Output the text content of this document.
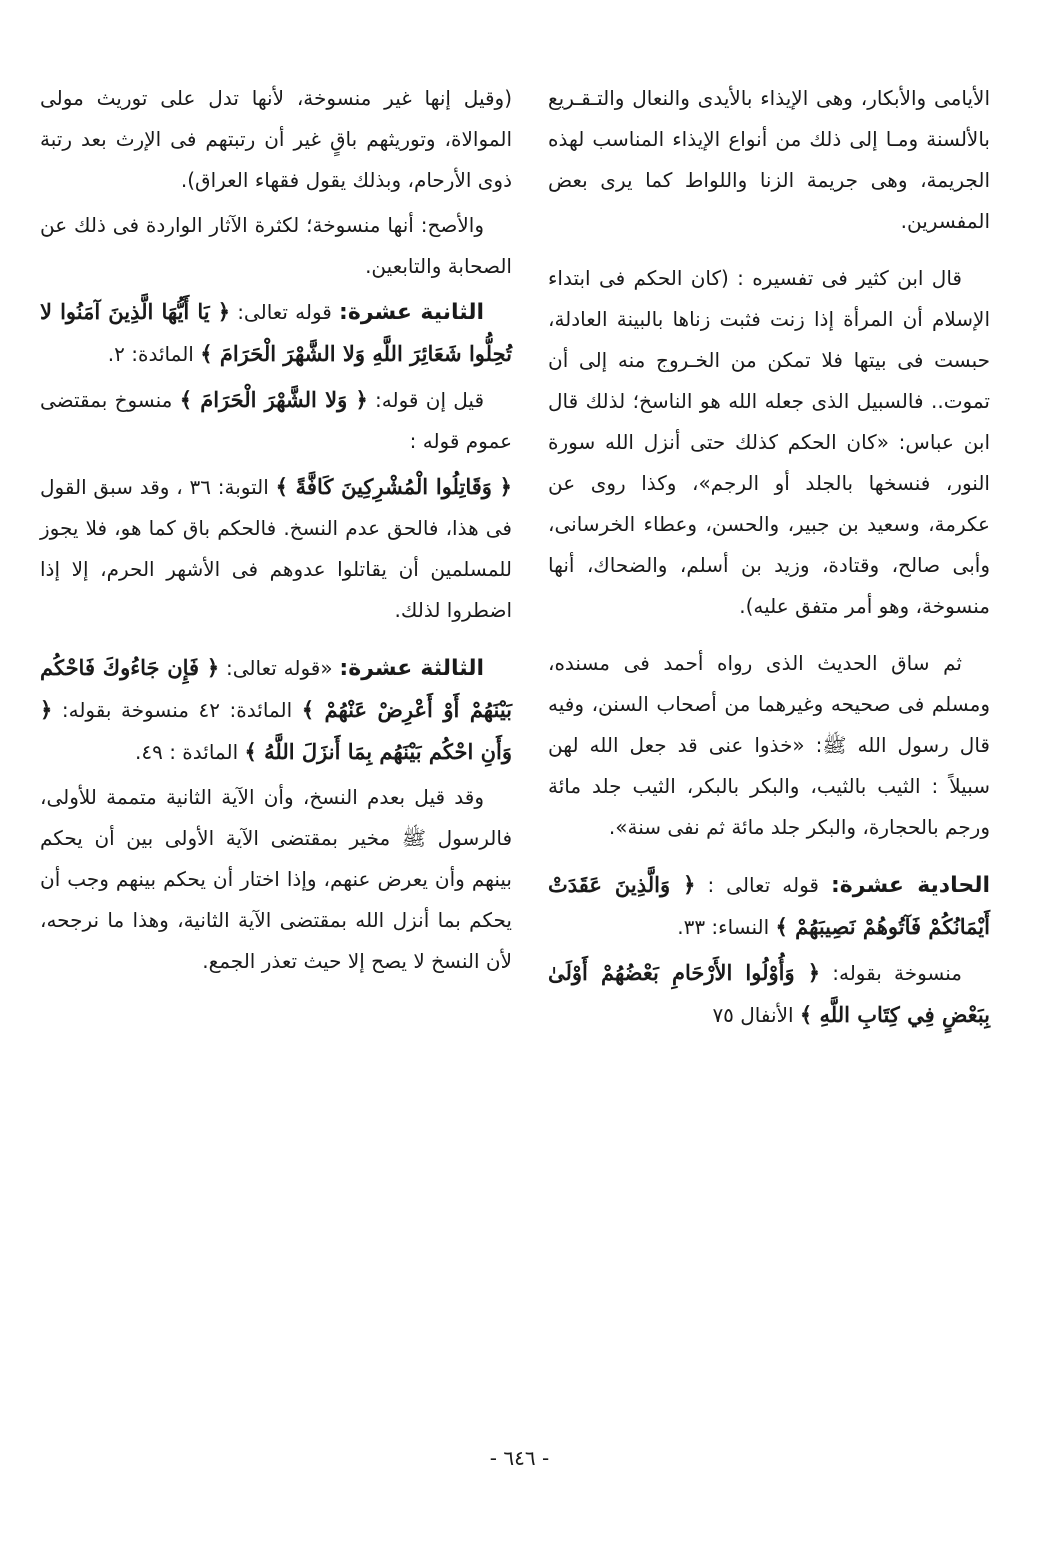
الأيامى والأبكار، وهى الإيذاء بالأيدى والنعال والتـقـريع بالألسنة ومـا إلى ذلك من أنواع الإيذاء المناسب لهذه الجريمة، وهى جريمة الزنا واللواط كما يرى بعض المفسرين.

قال ابن كثير فى تفسيره : (كان الحكم فى ابتداء الإسلام أن المرأة إذا زنت فثبت زناها بالبينة العادلة، حبست فى بيتها فلا تمكن من الخـروج منه إلى أن تموت.. فالسبيل الذى جعله الله هو الناسخ؛ لذلك قال ابن عباس: «كان الحكم كذلك حتى أنزل الله سورة النور، فنسخها بالجلد أو الرجم»، وكذا روى عن عكرمة، وسعيد بن جبير، والحسن، وعطاء الخرسانى، وأبى صالح، وقتادة، وزيد بن أسلم، والضحاك، أنها منسوخة، وهو أمر متفق عليه).

ثم ساق الحديث الذى رواه أحمد فى مسنده، ومسلم فى صحيحه وغيرهما من أصحاب السنن، وفيه قال رسول الله ﷺ: «خذوا عنى قد جعل الله لهن سبيلاً : الثيب بالثيب، والبكر بالبكر، الثيب جلد مائة ورجم بالحجارة، والبكر جلد مائة ثم نفى سنة».

الحادية عشرة: قوله تعالى : ﴿ وَالَّذِينَ عَقَدَتْ أَيْمَانُكُمْ فَآتُوهُمْ نَصِيبَهُمْ ﴾ النساء: ٣٣.

منسوخة بقوله: ﴿ وَأُوْلُوا الأَرْحَامِ بَعْضُهُمْ أَوْلَىٰ بِبَعْضٍ فِي كِتَابِ اللَّهِ ﴾ الأنفال ٧٥

(وقيل إنها غير منسوخة، لأنها تدل على توريث مولى الموالاة، وتوريثهم باقٍ غير أن رتبتهم فى الإرث بعد رتبة ذوى الأرحام، وبذلك يقول فقهاء العراق).

والأصح: أنها منسوخة؛ لكثرة الآثار الواردة فى ذلك عن الصحابة والتابعين.

الثانية عشرة: قوله تعالى: ﴿ يَا أَيُّهَا الَّذِينَ آمَنُوا لا تُحِلُّوا شَعَائِرَ اللَّهِ وَلا الشَّهْرَ الْحَرَامَ ﴾ المائدة: ٢.

قيل إن قوله: ﴿ وَلا الشَّهْرَ الْحَرَامَ ﴾ منسوخ بمقتضى عموم قوله :

﴿ وَقَاتِلُوا الْمُشْرِكِينَ كَافَّةً ﴾ التوبة: ٣٦ ، وقد سبق القول فى هذا، فالحق عدم النسخ. فالحكم باق كما هو، فلا يجوز للمسلمين أن يقاتلوا عدوهم فى الأشهر الحرم، إلا إذا اضطروا لذلك.

الثالثة عشرة: «قوله تعالى: ﴿ فَإِن جَاءُوكَ فَاحْكُم بَيْنَهُمْ أَوْ أَعْرِضْ عَنْهُمْ ﴾ المائدة: ٤٢ منسوخة بقوله: ﴿ وَأَنِ احْكُم بَيْنَهُم بِمَا أَنزَلَ اللَّهُ ﴾ المائدة : ٤٩.

وقد قيل بعدم النسخ، وأن الآية الثانية متممة للأولى، فالرسول ﷺ مخير بمقتضى الآية الأولى بين أن يحكم بينهم وأن يعرض عنهم، وإذا اختار أن يحكم بينهم وجب أن يحكم بما أنزل الله بمقتضى الآية الثانية، وهذا ما نرجحه، لأن النسخ لا يصح إلا حيث تعذر الجمع.

- ٦٤٦ -
